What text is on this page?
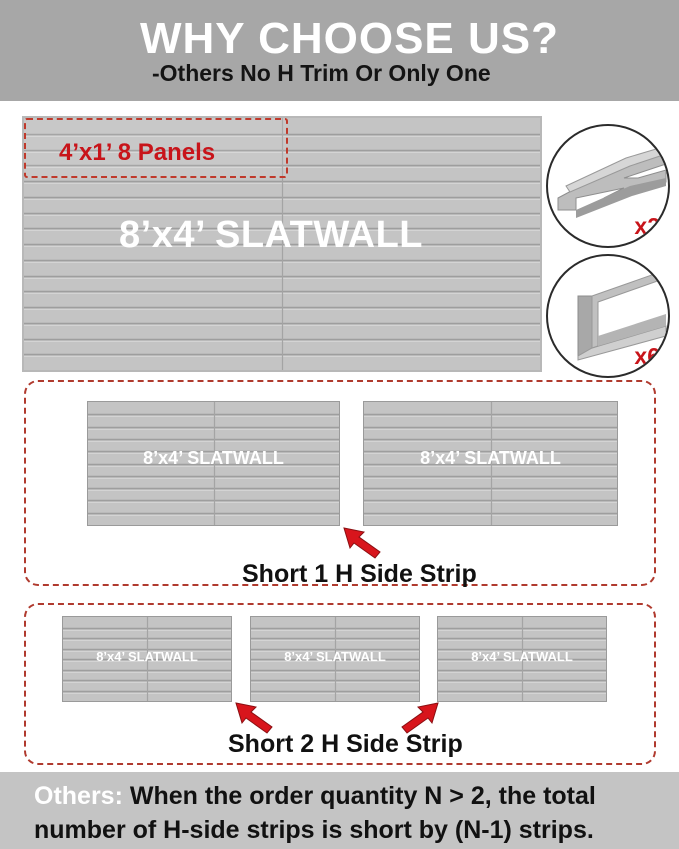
WHY CHOOSE US?
-Others No H Trim Or Only One
4’x1’ 8 Panels
8’x4’ SLATWALL	x2
x6
8’x4’ SLATWALL	8’x4’ SLATWALL
Short 1 H Side Strip
8’x4’ SLATWALL	8’x4’ SLATWALL	8’x4’ SLATWALL
Short 2 H Side Strip
Others: When the order quantity N > 2, the total
number of H-side strips is short by (N-1) strips.
